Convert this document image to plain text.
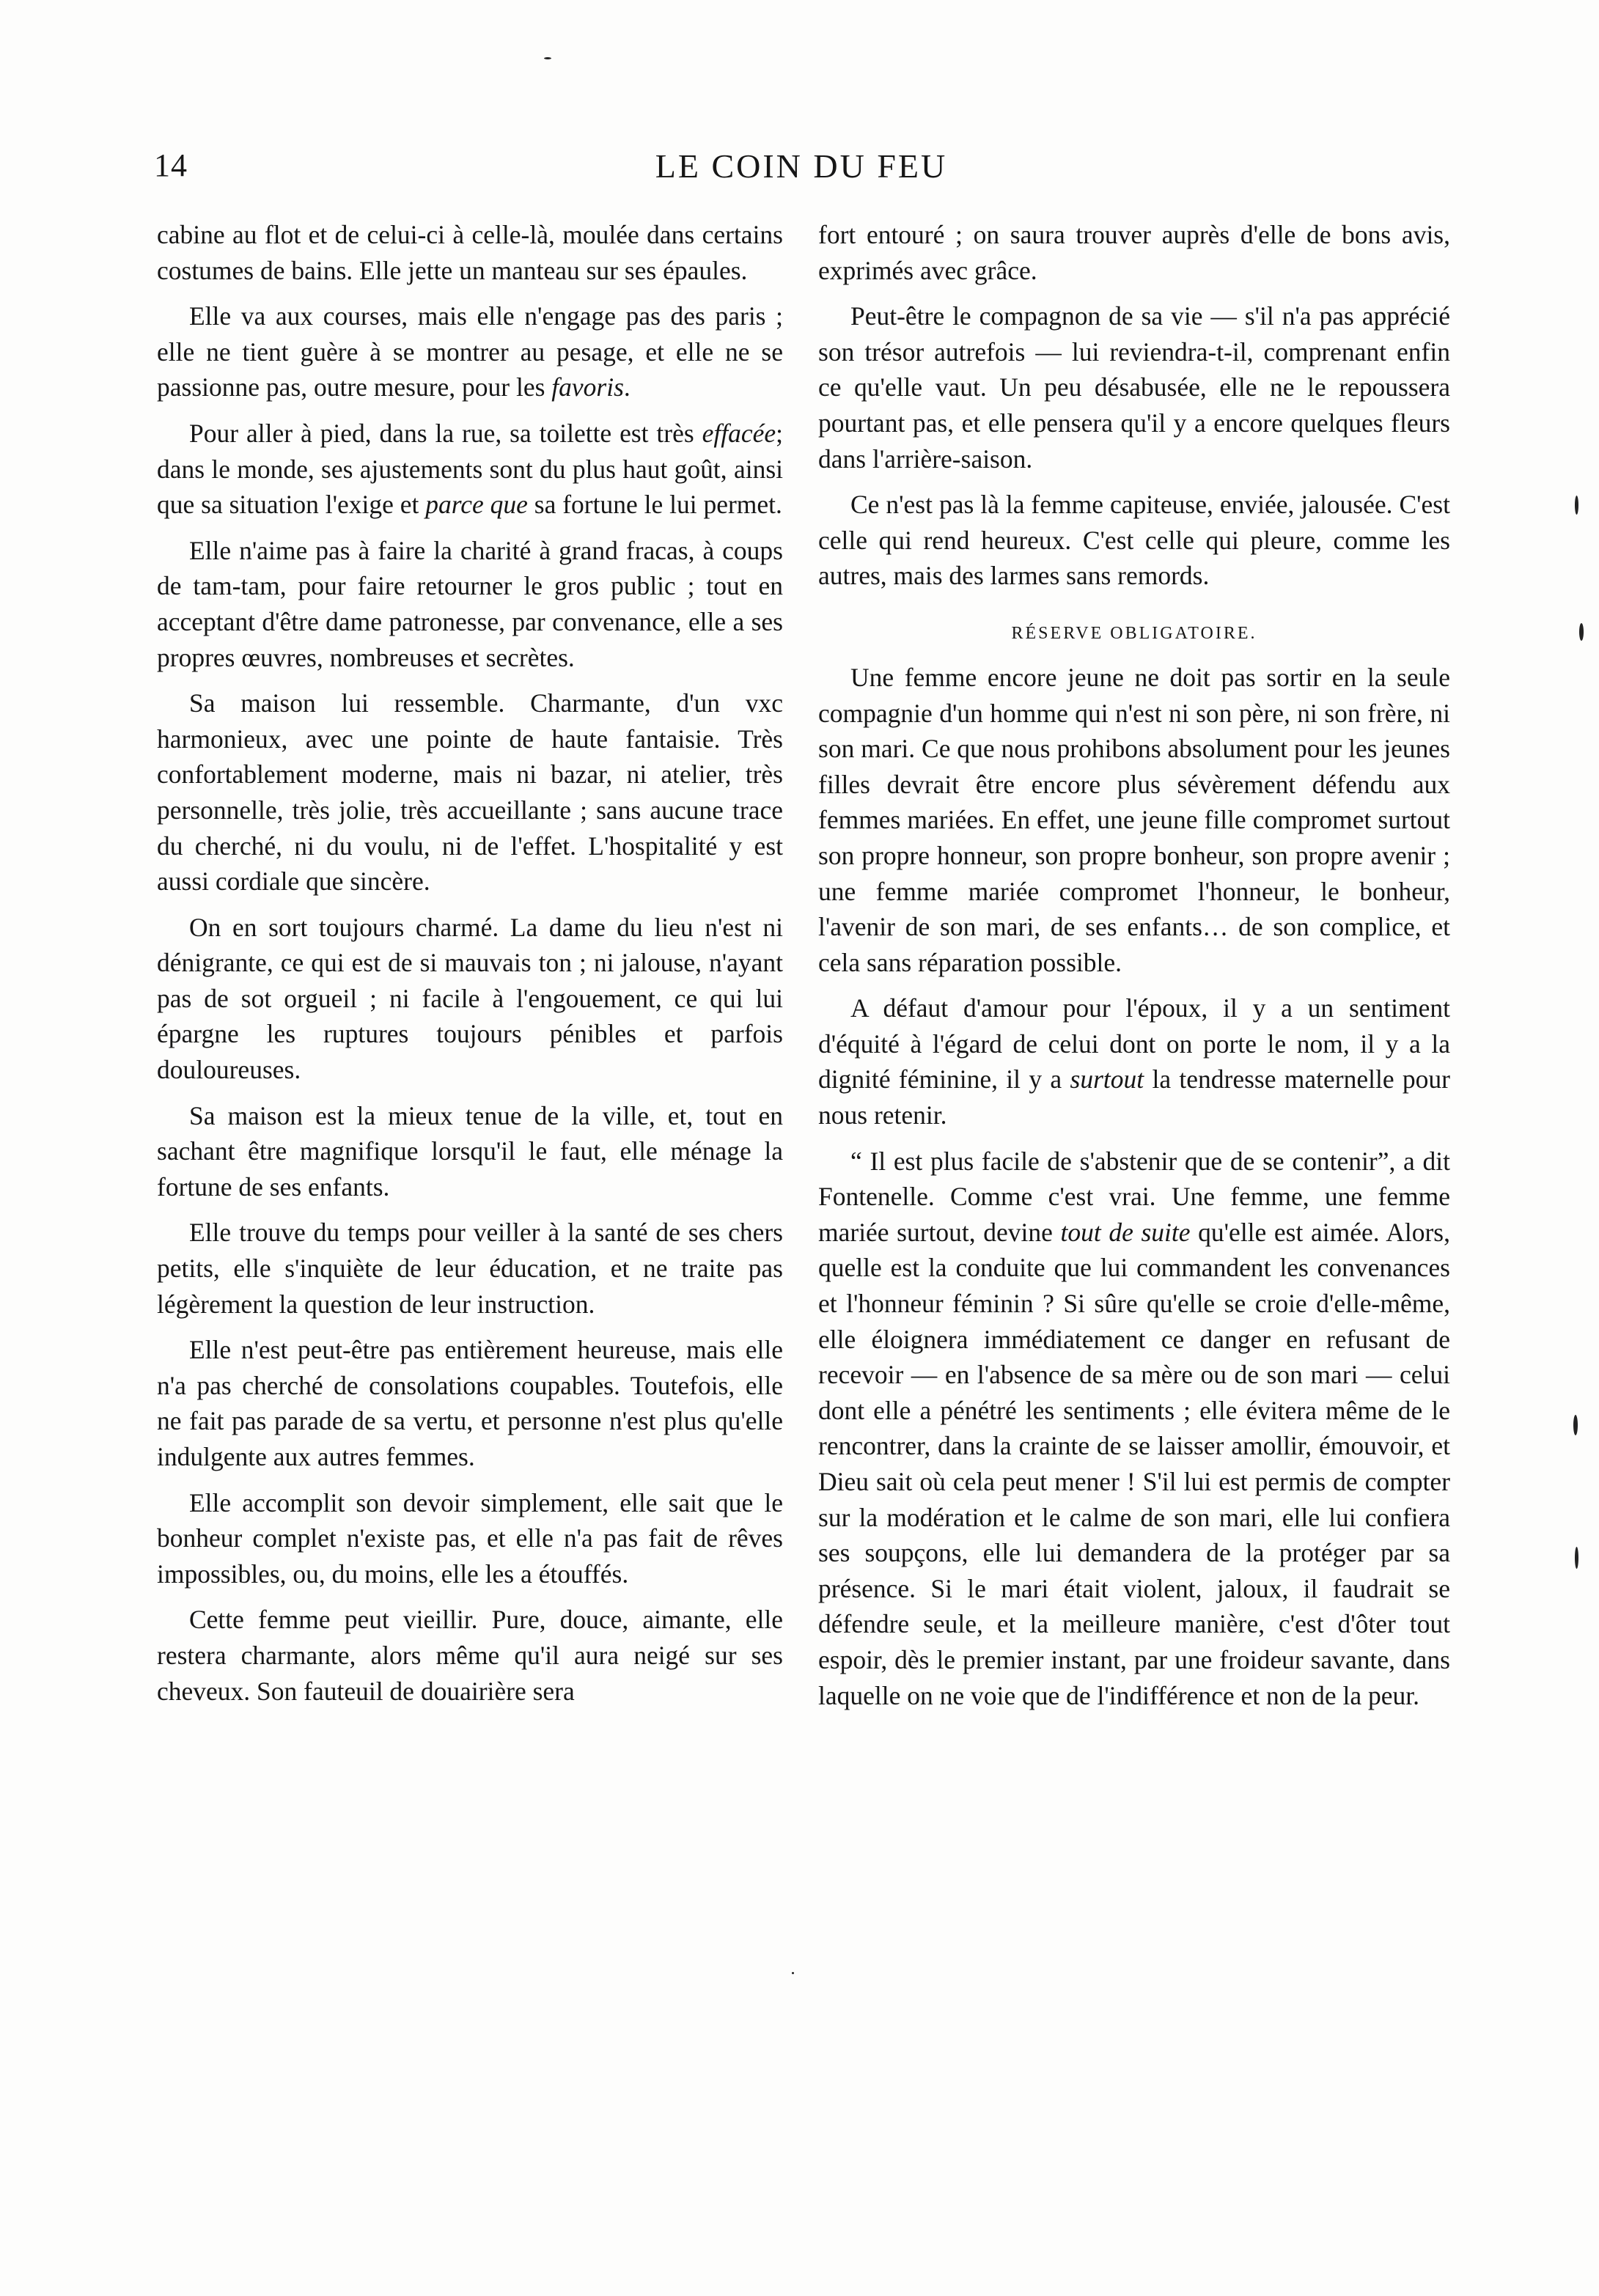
14	LE COIN DU FEU

cabine au flot et de celui-ci à celle-là, moulée dans certains costumes de bains. Elle jette un manteau sur ses épaules.

Elle va aux courses, mais elle n'engage pas des paris ; elle ne tient guère à se montrer au pesage, et elle ne se passionne pas, outre mesure, pour les favoris.

Pour aller à pied, dans la rue, sa toilette est très effacée; dans le monde, ses ajustements sont du plus haut goût, ainsi que sa situation l'exige et parce que sa fortune le lui permet.

Elle n'aime pas à faire la charité à grand fracas, à coups de tam-tam, pour faire retourner le gros public ; tout en acceptant d'être dame patronesse, par convenance, elle a ses propres œuvres, nombreuses et secrètes.

Sa maison lui ressemble. Charmante, d'un vxc harmonieux, avec une pointe de haute fantaisie. Très confortablement moderne, mais ni bazar, ni atelier, très personnelle, très jolie, très accueillante ; sans aucune trace du cherché, ni du voulu, ni de l'effet. L'hospitalité y est aussi cordiale que sincère.

On en sort toujours charmé. La dame du lieu n'est ni dénigrante, ce qui est de si mauvais ton ; ni jalouse, n'ayant pas de sot orgueil ; ni facile à l'engouement, ce qui lui épargne les ruptures toujours pénibles et parfois douloureuses.

Sa maison est la mieux tenue de la ville, et, tout en sachant être magnifique lorsqu'il le faut, elle ménage la fortune de ses enfants.

Elle trouve du temps pour veiller à la santé de ses chers petits, elle s'inquiète de leur éducation, et ne traite pas légèrement la question de leur instruction.

Elle n'est peut-être pas entièrement heureuse, mais elle n'a pas cherché de consolations coupables. Toutefois, elle ne fait pas parade de sa vertu, et personne n'est plus qu'elle indulgente aux autres femmes.

Elle accomplit son devoir simplement, elle sait que le bonheur complet n'existe pas, et elle n'a pas fait de rêves impossibles, ou, du moins, elle les a étouffés.

Cette femme peut vieillir. Pure, douce, aimante, elle restera charmante, alors même qu'il aura neigé sur ses cheveux. Son fauteuil de douairière sera

fort entouré ; on saura trouver auprès d'elle de bons avis, exprimés avec grâce.

Peut-être le compagnon de sa vie — s'il n'a pas apprécié son trésor autrefois — lui reviendra-t-il, comprenant enfin ce qu'elle vaut. Un peu désabusée, elle ne le repoussera pourtant pas, et elle pensera qu'il y a encore quelques fleurs dans l'arrière-saison.

Ce n'est pas là la femme capiteuse, enviée, jalousée. C'est celle qui rend heureux. C'est celle qui pleure, comme les autres, mais des larmes sans remords.

RÉSERVE OBLIGATOIRE.

Une femme encore jeune ne doit pas sortir en la seule compagnie d'un homme qui n'est ni son père, ni son frère, ni son mari. Ce que nous prohibons absolument pour les jeunes filles devrait être encore plus sévèrement défendu aux femmes mariées. En effet, une jeune fille compromet surtout son propre honneur, son propre bonheur, son propre avenir ; une femme mariée compromet l'honneur, le bonheur, l'avenir de son mari, de ses enfants… de son complice, et cela sans réparation possible.

A défaut d'amour pour l'époux, il y a un sentiment d'équité à l'égard de celui dont on porte le nom, il y a la dignité féminine, il y a surtout la tendresse maternelle pour nous retenir.

“ Il est plus facile de s'abstenir que de se contenir”, a dit Fontenelle. Comme c'est vrai. Une femme, une femme mariée surtout, devine tout de suite qu'elle est aimée. Alors, quelle est la conduite que lui commandent les convenances et l'honneur féminin ? Si sûre qu'elle se croie d'elle-même, elle éloignera immédiatement ce danger en refusant de recevoir — en l'absence de sa mère ou de son mari — celui dont elle a pénétré les sentiments ; elle évitera même de le rencontrer, dans la crainte de se laisser amollir, émouvoir, et Dieu sait où cela peut mener ! S'il lui est permis de compter sur la modération et le calme de son mari, elle lui confiera ses soupçons, elle lui demandera de la protéger par sa présence. Si le mari était violent, jaloux, il faudrait se défendre seule, et la meilleure manière, c'est d'ôter tout espoir, dès le premier instant, par une froideur savante, dans laquelle on ne voie que de l'indifférence et non de la peur.
